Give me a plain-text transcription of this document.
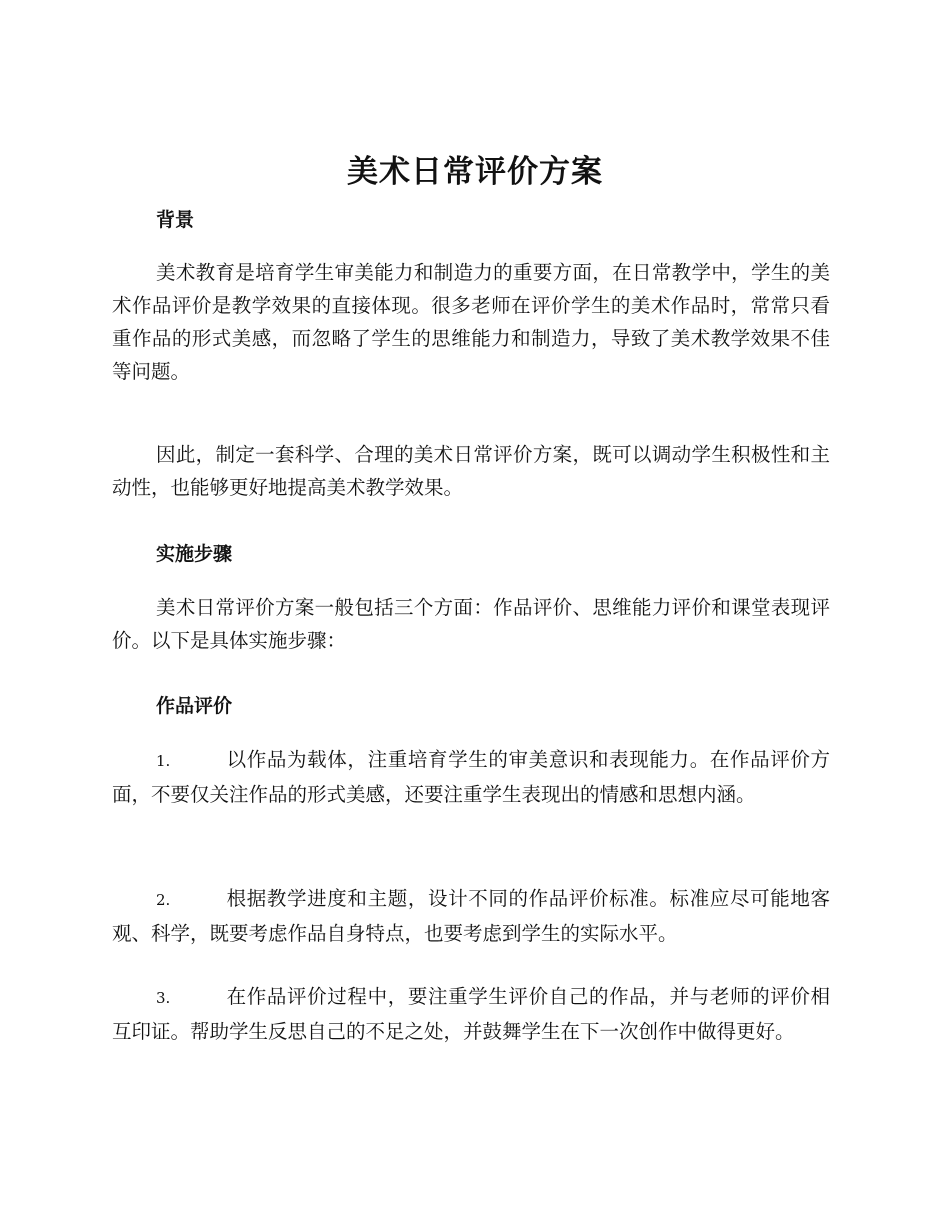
美术日常评价方案
背景

美术教育是培育学生审美能力和制造力的重要方面，在日常教学中，学生的美术作品评价是教学效果的直接体现。很多老师在评价学生的美术作品时，常常只看重作品的形式美感，而忽略了学生的思维能力和制造力，导致了美术教学效果不佳等问题。

因此，制定一套科学、合理的美术日常评价方案，既可以调动学生积极性和主动性，也能够更好地提高美术教学效果。

实施步骤

美术日常评价方案一般包括三个方面：作品评价、思维能力评价和课堂表现评价。以下是具体实施步骤：

作品评价

1.	以作品为载体，注重培育学生的审美意识和表现能力。在作品评价方面，不要仅关注作品的形式美感，还要注重学生表现出的情感和思想内涵。

2.	根据教学进度和主题，设计不同的作品评价标准。标准应尽可能地客观、科学，既要考虑作品自身特点，也要考虑到学生的实际水平。

3.	在作品评价过程中，要注重学生评价自己的作品，并与老师的评价相互印证。帮助学生反思自己的不足之处，并鼓舞学生在下一次创作中做得更好。
